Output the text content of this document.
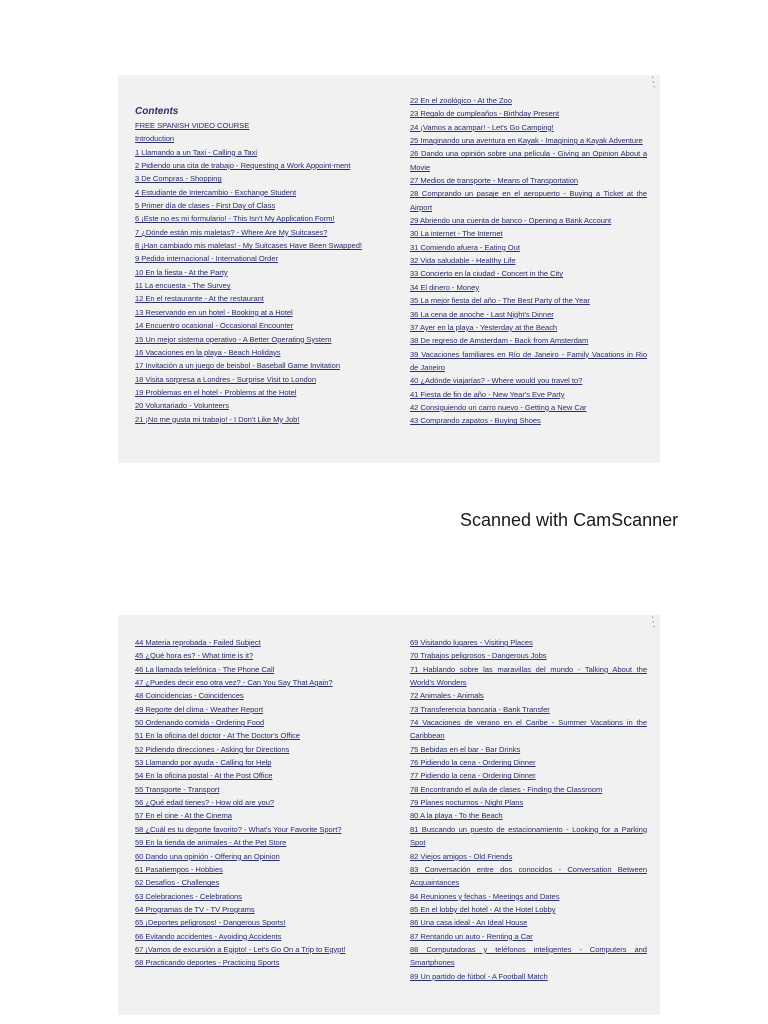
⋱
Contents
FREE SPANISH VIDEO COURSE
Introduction
1 Llamando a un Taxi - Calling a Taxi
2 Pidiendo una cita de trabajo - Requesting a Work Appoint-ment
3 De Compras - Shopping
4 Estudiante de Intercambio - Exchange Student
5 Primer día de clases - First Day of Class
6 ¡Este no es mi formulario! - This Isn't My Application Form!
7 ¿Dónde están mis maletas? - Where Are My Suitcases?
8 ¡Han cambiado mis maletas! - My Suitcases Have Been Swapped!
9 Pedido internacional - International Order
10 En la fiesta - At the Party
11 La encuesta - The Survey
12 En el restaurante - At the restaurant
13 Reservando en un hotel - Booking at a Hotel
14 Encuentro ocasional - Occasional Encounter
15 Un mejor sistema operativo - A Better Operating System
16 Vacaciones en la playa - Beach Holidays
17 Invitación a un juego de beisbol - Baseball Game Invitation
18 Visita sorpresa a Londres - Surprise Visit to London
19 Problemas en el hotel - Problems at the Hotel
20 Voluntariado - Volunteers
21 ¡No me gusta mi trabajo! - I Don't Like My Job!
22 En el zoológico - At the Zoo
23 Regalo de cumpleaños - Birthday Present
24 ¡Vamos a acampar! - Let's Go Camping!
25 Imaginando una aventura en Kayak - Imagining a Kayak Adventure
26 Dando una opinión sobre una película - Giving an Opinion About a Movie
27 Medios de transporte - Means of Transportation
28 Comprando un pasaje en el aeropuerto - Buying a Ticket at the Airport
29 Abriendo una cuenta de banco - Opening a Bank Account
30 La internet - The Internet
31 Comiendo afuera - Eating Out
32 Vida saludable - Healthy Life
33 Concierto en la ciudad - Concert in the City
34 El dinero - Money
35 La mejor fiesta del año - The Best Party of the Year
36 La cena de anoche - Last Night's Dinner
37 Ayer en la playa - Yesterday at the Beach
38 De regreso de Amsterdam - Back from Amsterdam
39 Vacaciones familiares en Río de Janeiro - Family Vacations in Rio de Janeiro
40 ¿Adónde viajarías? - Where would you travel to?
41 Fiesta de fin de año - New Year's Eve Party
42 Consiguiendo un carro nuevo - Getting a New Car
43 Comprando zapatos - Buying Shoes
Scanned with CamScanner
⋱
44 Materia reprobada - Failed Subject
45 ¿Qué hora es? - What time is it?
46 La llamada telefónica - The Phone Call
47 ¿Puedes decir eso otra vez? - Can You Say That Again?
48 Coincidencias - Coincidences
49 Reporte del clima - Weather Report
50 Ordenando comida - Ordering Food
51 En la oficina del doctor - At The Doctor's Office
52 Pidiendo direcciones - Asking for Directions
53 Llamando por ayuda - Calling for Help
54 En la oficina postal - At the Post Office
55 Transporte - Transport
56 ¿Qué edad tienes? - How old are you?
57 En el cine - At the Cinema
58 ¿Cuál es tu deporte favorito? - What's Your Favorite Sport?
59 En la tienda de animales - At the Pet Store
60 Dando una opinión - Offering an Opinion
61 Pasatiempos - Hobbies
62 Desafíos - Challenges
63 Celebraciones - Celebrations
64 Programas de TV - TV Programs
65 ¡Deportes peligrosos! - Dangerous Sports!
66 Evitando accidentes - Avoiding Accidents
67 ¡Vamos de excursión a Egipto! - Let's Go On a Trip to Egypt!
68 Practicando deportes - Practicing Sports
69 Visitando lugares - Visiting Places
70 Trabajos peligrosos - Dangerous Jobs
71 Hablando sobre las maravillas del mundo - Talking About the World's Wonders
72 Animales - Animals
73 Transferencia bancaria - Bank Transfer
74 Vacaciones de verano en el Caribe - Summer Vacations in the Caribbean
75 Bebidas en el bar - Bar Drinks
76 Pidiendo la cena - Ordering Dinner
77 Pidiendo la cena - Ordering Dinner
78 Encontrando el aula de clases - Finding the Classroom
79 Planes nocturnos - Night Plans
80 A la playa - To the Beach
81 Buscando un puesto de estacionamiento - Looking for a Parking Spot
82 Viejos amigos - Old Friends
83 Conversación entre dos conocidos - Conversation Between Acquaintances
84 Reuniones y fechas - Meetings and Dates
85 En el lobby del hotel - At the Hotel Lobby
86 Una casa ideal - An Ideal House
87 Rentando un auto - Renting a Car
88 Computadoras y teléfonos inteligentes - Computers and Smartphones
89 Un partido de fútbol - A Football Match
